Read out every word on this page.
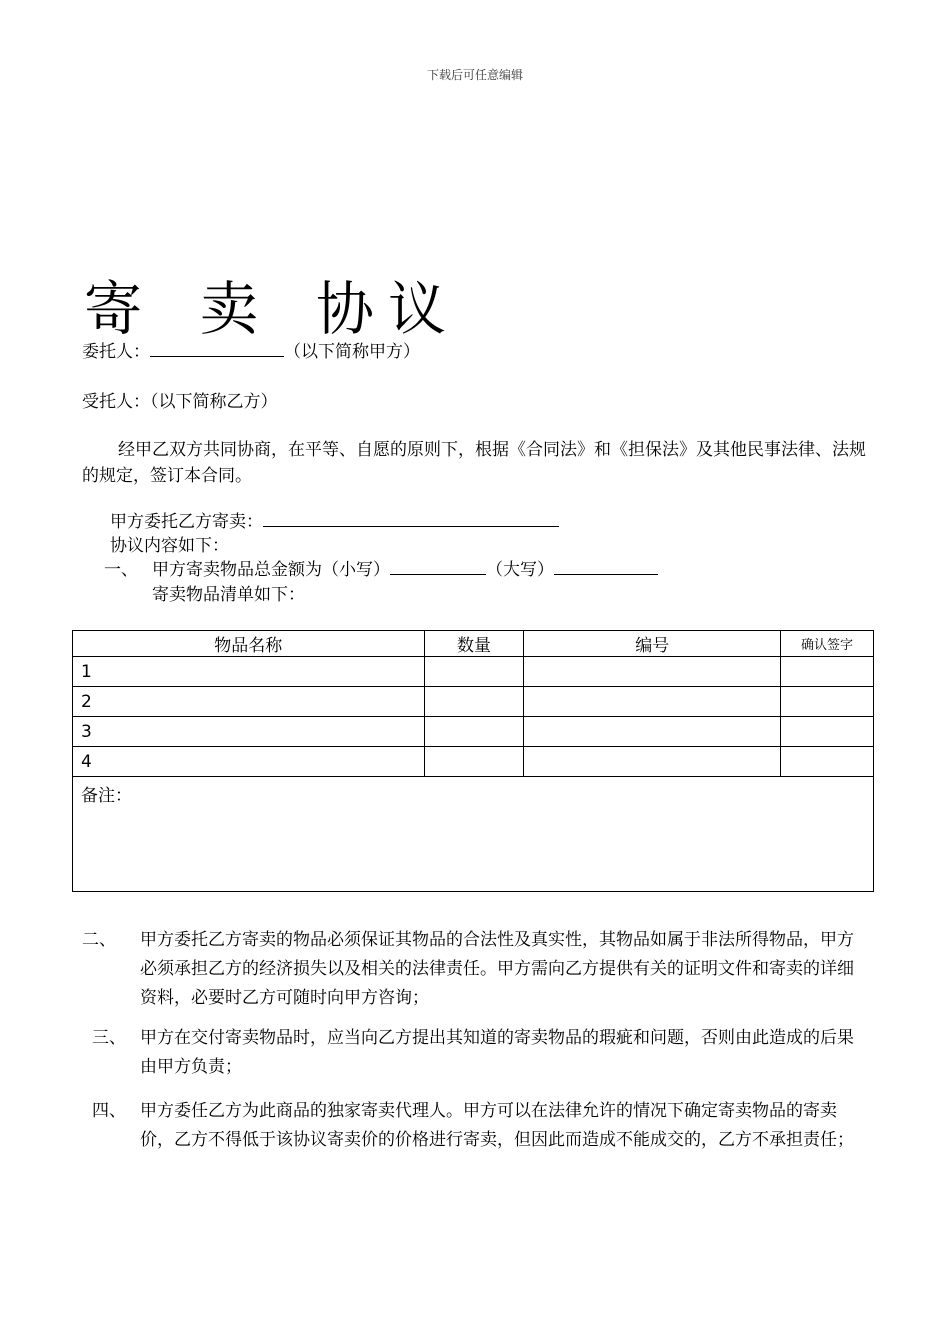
下载后可任意编辑
寄 卖 协 议
委托人：	（以下简称甲方）
受托人：（以下简称乙方）
经甲乙双方共同协商，在平等、自愿的原则下，根据《合同法》和《担保法》及其他民事法律、法规的规定，签订本合同。
甲方委托乙方寄卖：
协议内容如下：
一、 甲方寄卖物品总金额为（小写）	（大写）
寄卖物品清单如下：
物品名称	数量	编号	确认签字
1			
2			
3			
4			
备注：			
二、 甲方委托乙方寄卖的物品必须保证其物品的合法性及真实性，其物品如属于非法所得物品，甲方必须承担乙方的经济损失以及相关的法律责任。甲方需向乙方提供有关的证明文件和寄卖的详细资料，必要时乙方可随时向甲方咨询；
三、 甲方在交付寄卖物品时，应当向乙方提出其知道的寄卖物品的瑕疵和问题，否则由此造成的后果由甲方负责；
四、 甲方委任乙方为此商品的独家寄卖代理人。甲方可以在法律允许的情况下确定寄卖物品的寄卖价，乙方不得低于该协议寄卖价的价格进行寄卖，但因此而造成不能成交的，乙方不承担责任；
